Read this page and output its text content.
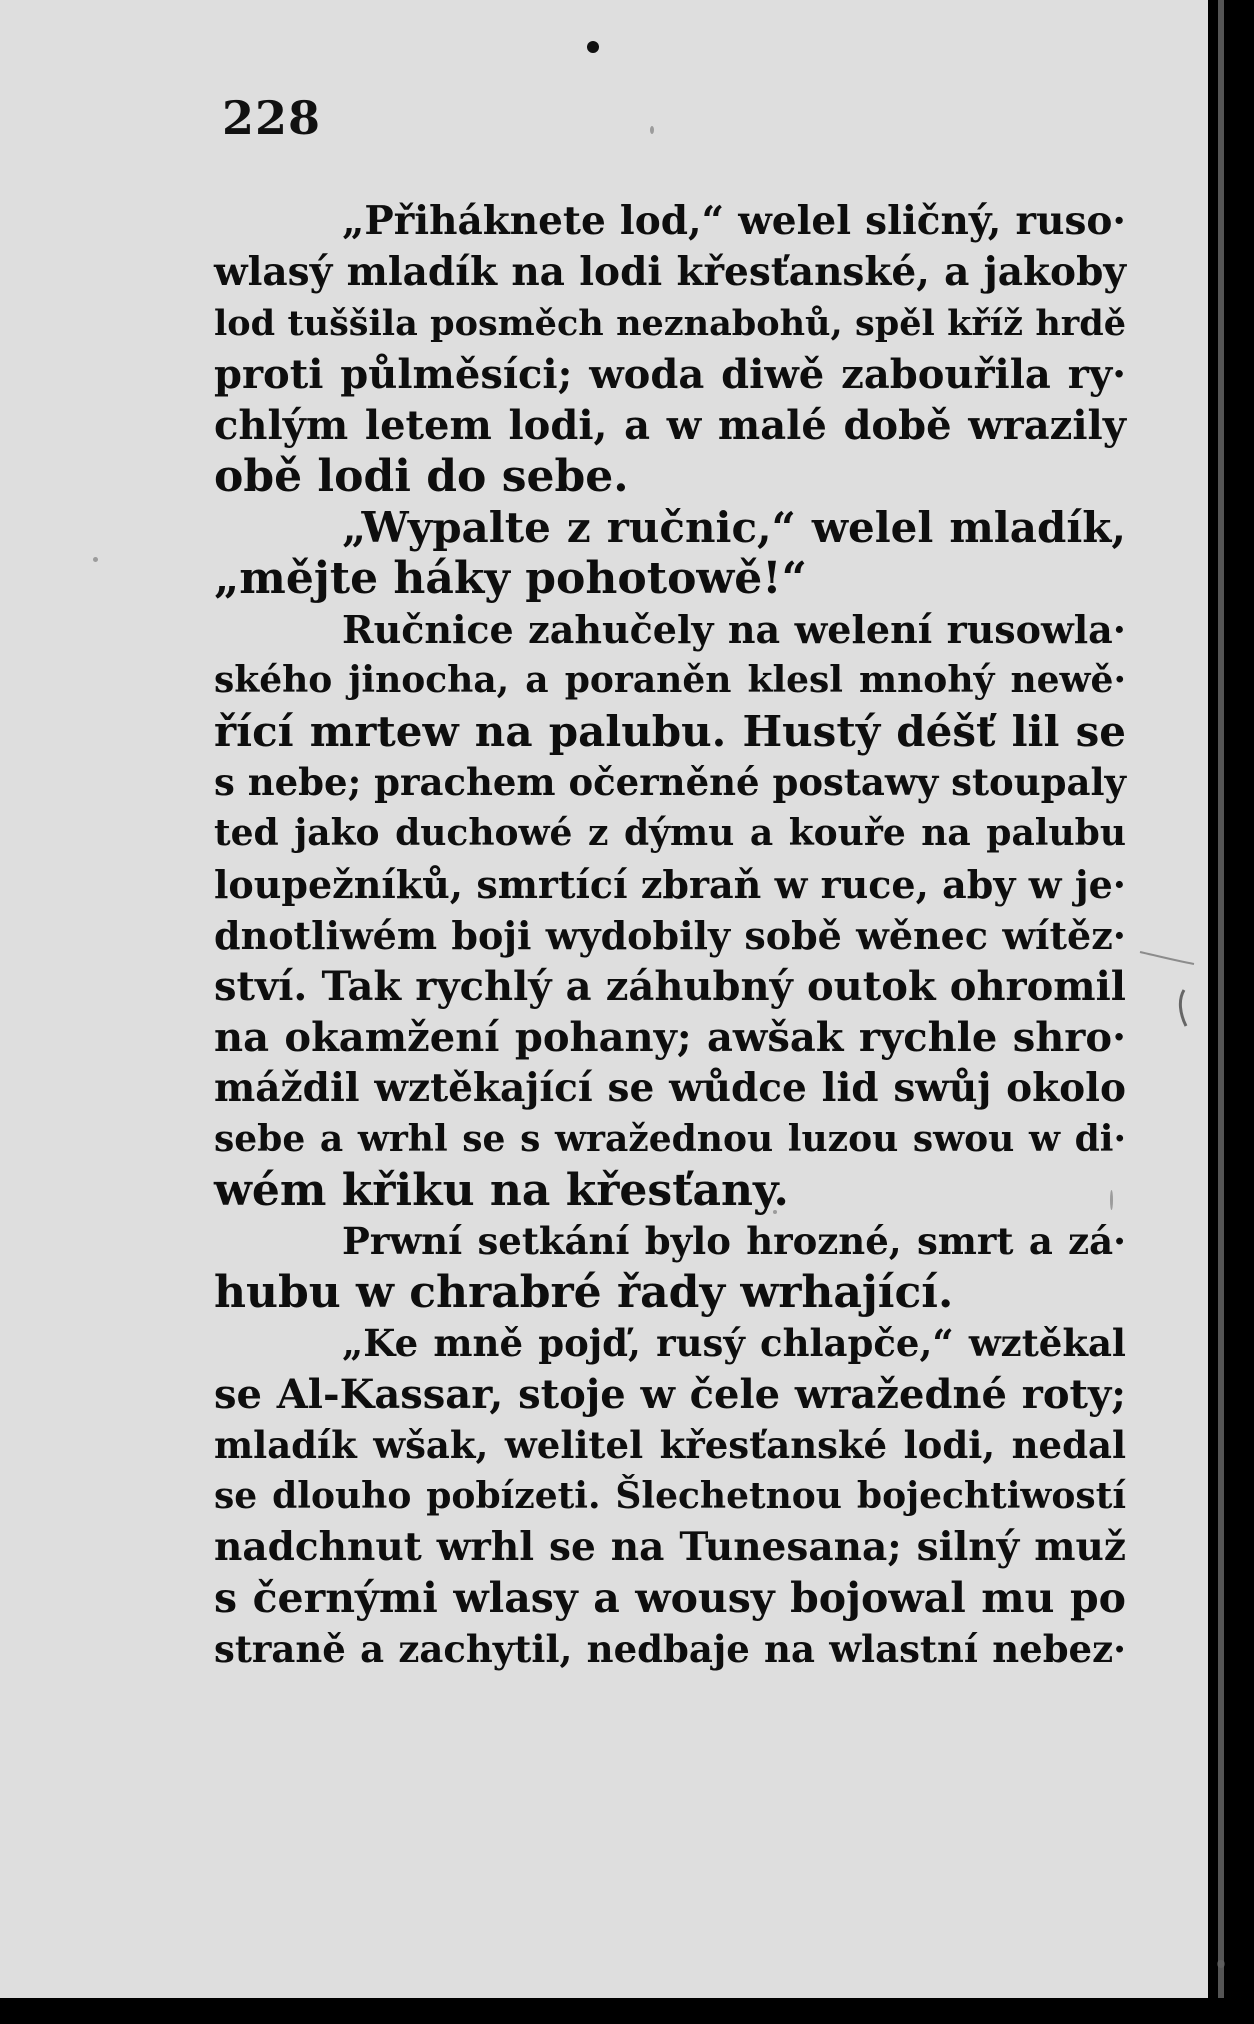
228
„Přiháknete lod,“ welel sličný, ruso·
wlasý mladík na lodi křesťanské, a jakoby
lod tuššila posměch neznabohů, spěl kříž hrdě
proti půlměsíci; woda diwě zabouřila ry·
chlým letem lodi, a w malé době wrazily
obě lodi do sebe.
„Wypalte z ručnic,“ welel mladík,
„mějte háky pohotowě!“
Ručnice zahučely na welení rusowla·
ského jinocha, a poraněn klesl mnohý newě·
řící mrtew na palubu. Hustý déšť lil se
s nebe; prachem očerněné postawy stoupaly
ted jako duchowé z dýmu a kouře na palubu
loupežníků, smrtící zbraň w ruce, aby w je·
dnotliwém boji wydobily sobě wěnec wítěz·
ství. Tak rychlý a záhubný outok ohromil
na okamžení pohany; awšak rychle shro·
máždil wztěkající se wůdce lid swůj okolo
sebe a wrhl se s wražednou luzou swou w di·
wém křiku na křesťany.
Prwní setkání bylo hrozné, smrt a zá·
hubu w chrabré řady wrhající.
„Ke mně pojď, rusý chlapče,“ wztěkal
se Al-Kassar, stoje w čele wražedné roty;
mladík wšak, welitel křesťanské lodi, nedal
se dlouho pobízeti. Šlechetnou bojechtiwostí
nadchnut wrhl se na Tunesana; silný muž
s černými wlasy a wousy bojowal mu po
straně a zachytil, nedbaje na wlastní nebez·
